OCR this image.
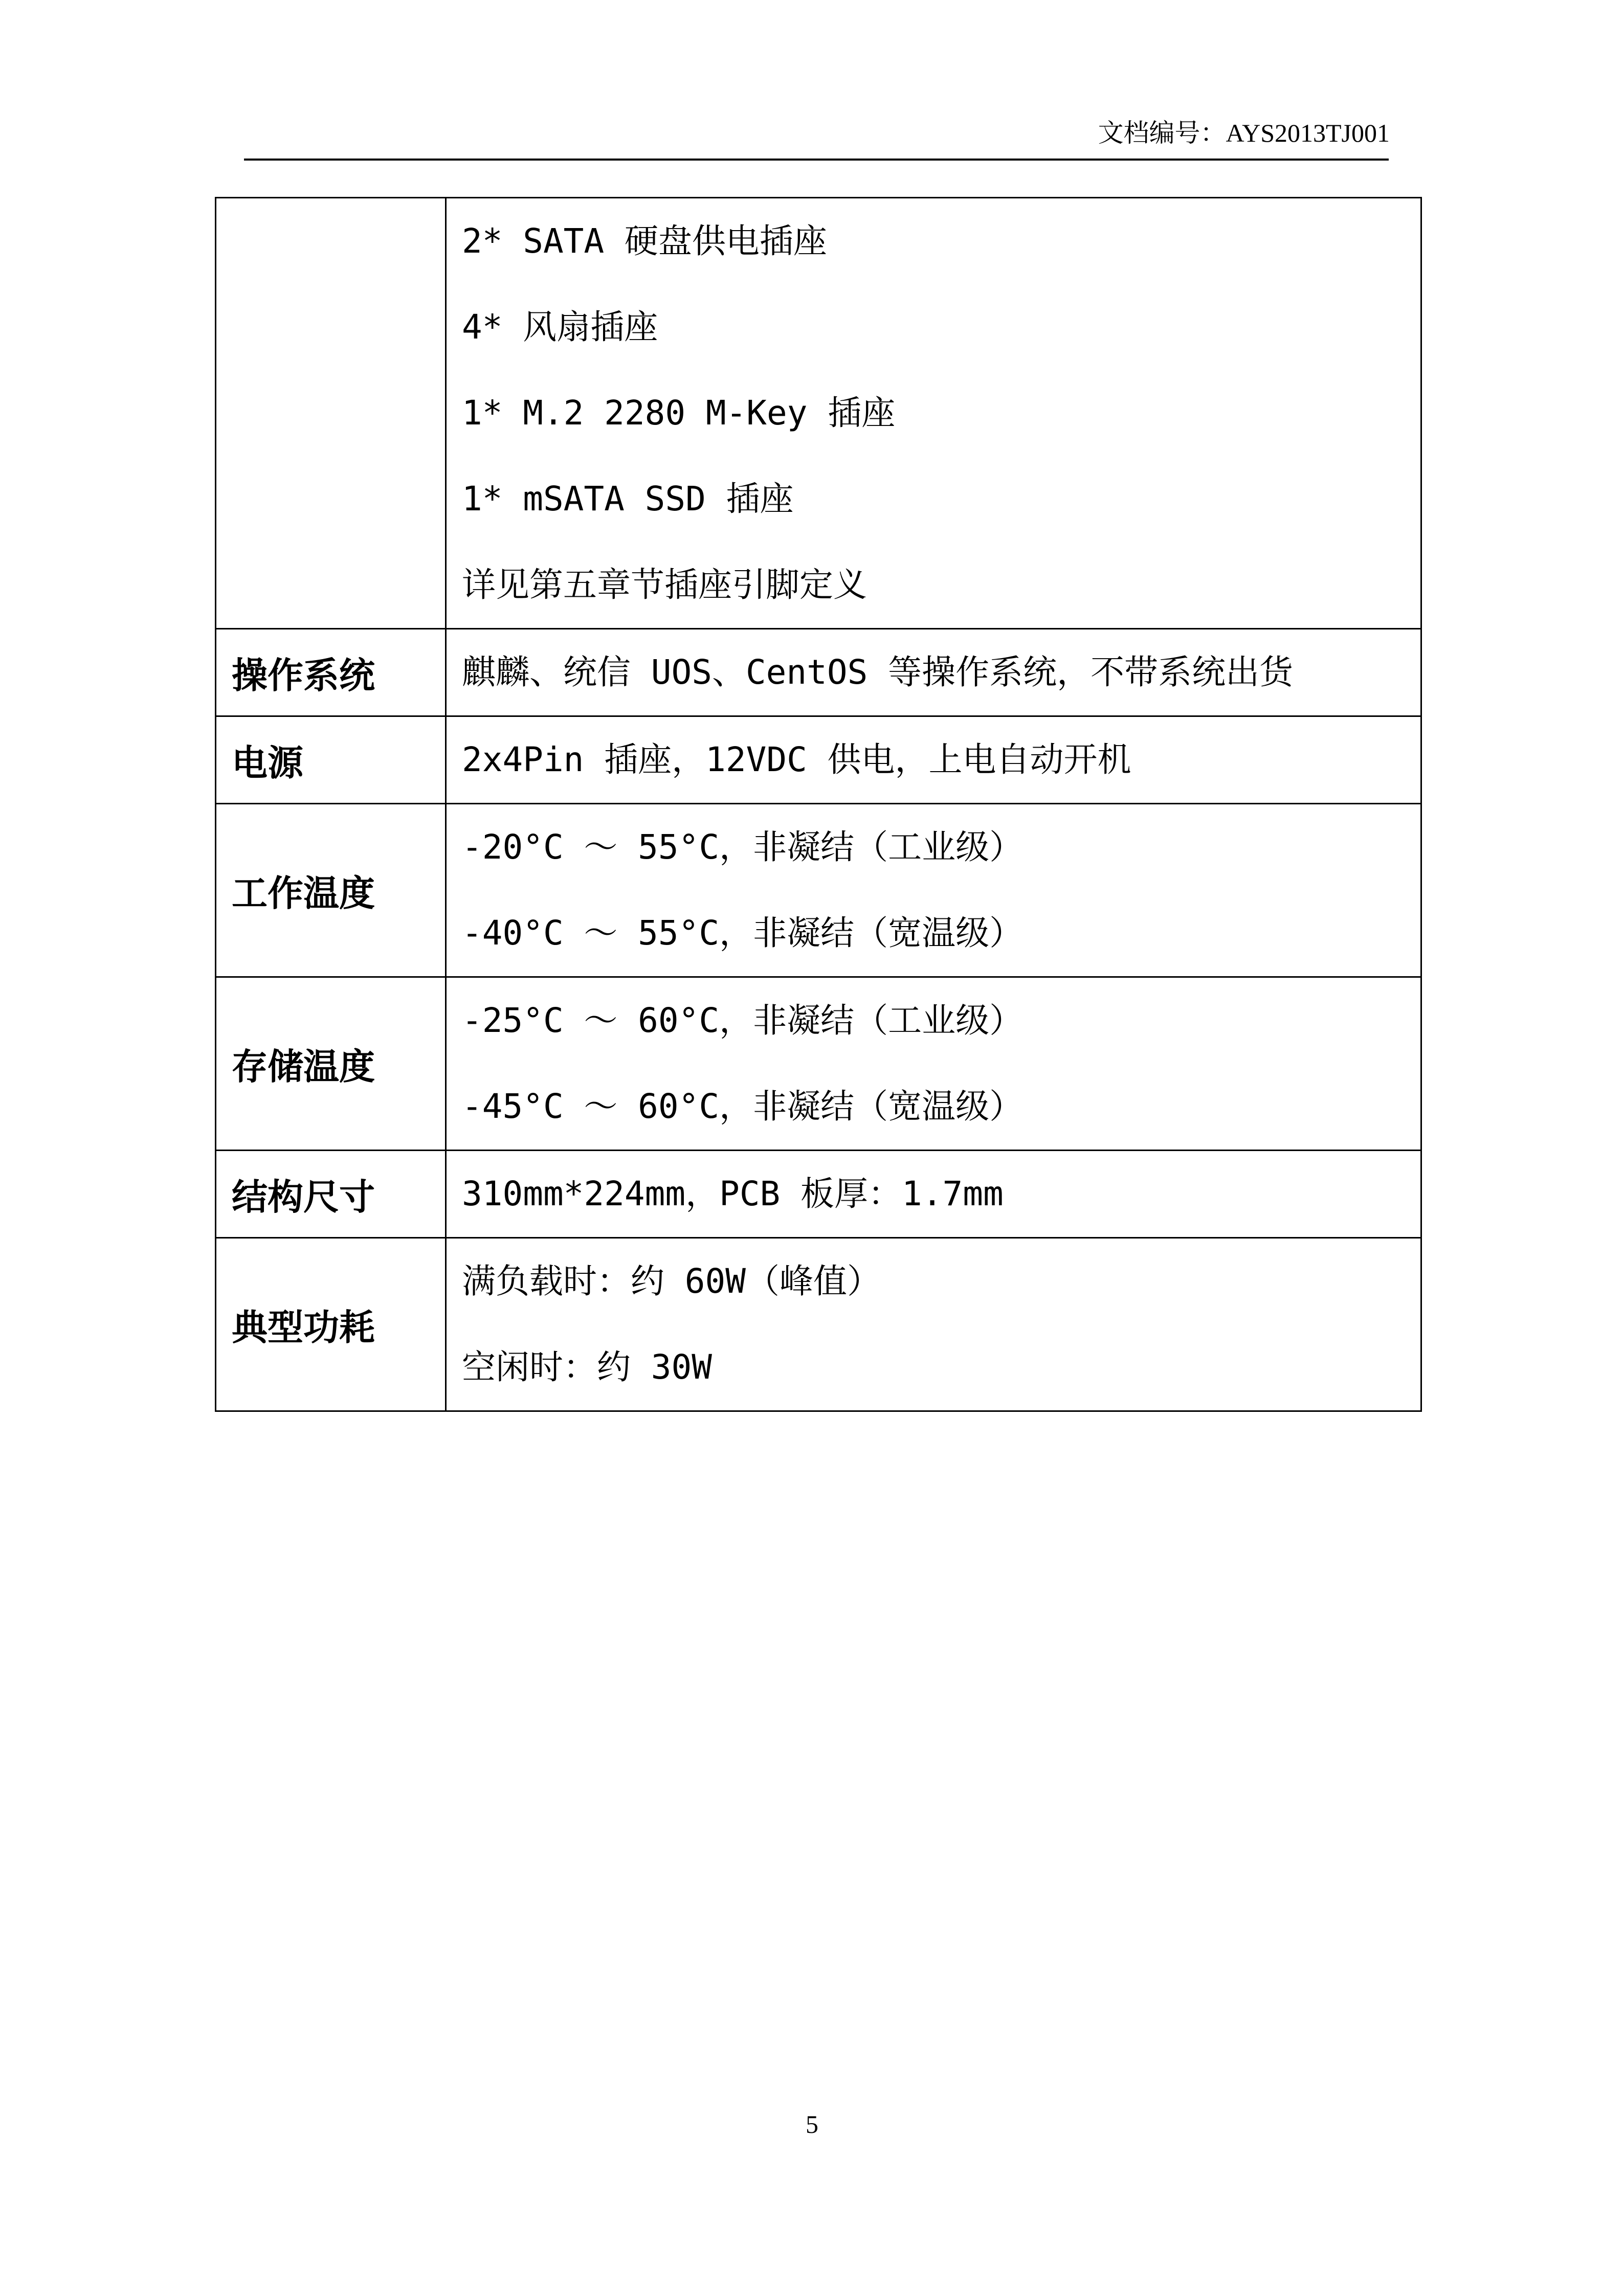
文档编号：AYS2013TJ001

	2* SATA 硬盘供电插座
4* 风扇插座
1* M.2 2280 M-Key 插座
1* mSATA SSD 插座
详见第五章节插座引脚定义

操作系统	麒麟、统信 UOS、CentOS 等操作系统，不带系统出货

电源	2x4Pin 插座，12VDC 供电，上电自动开机

工作温度	-20°C ～ 55°C，非凝结（工业级）
-40°C ～ 55°C，非凝结（宽温级）

存储温度	-25°C ～ 60°C，非凝结（工业级）
-45°C ～ 60°C，非凝结（宽温级）

结构尺寸	310mm*224mm，PCB 板厚：1.7mm

典型功耗	满负载时：约 60W（峰值）
空闲时：约 30W
5
